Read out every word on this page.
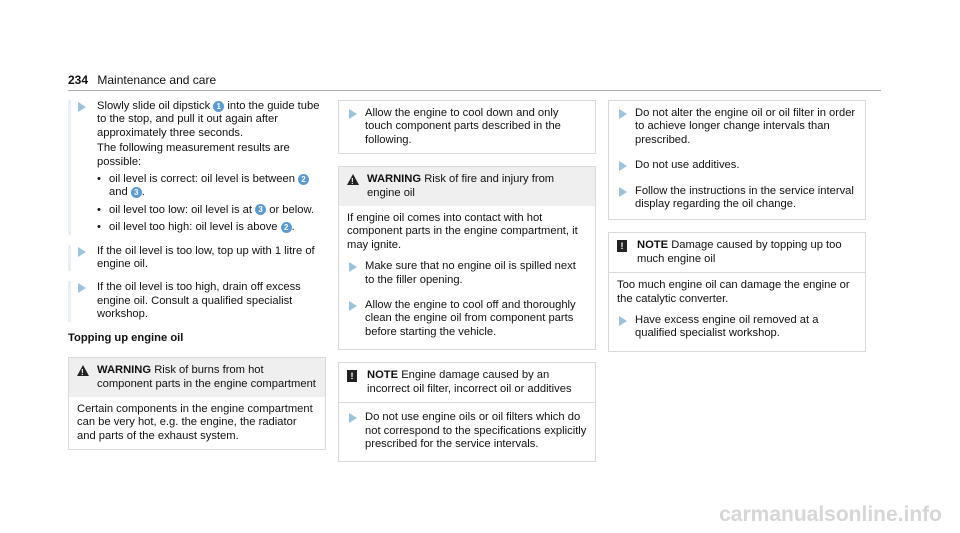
234 Maintenance and care

Slowly slide oil dipstick 1 into the guide tube to the stop, and pull it out again after approximately three seconds.

The following measurement results are possible:

• oil level is correct: oil level is between 2 and 3 .
• oil level too low: oil level is at 3 or below.
• oil level too high: oil level is above 2 .

If the oil level is too low, top up with 1 litre of engine oil.

If the oil level is too high, drain off excess engine oil. Consult a qualified specialist workshop.

Topping up engine oil
!
WARNING Risk of burns from hot component parts in the engine compartment
Certain components in the engine compartment can be very hot, e.g. the engine, the radiator and parts of the exhaust system.
Allow the engine to cool down and only touch component parts described in the following.
!
WARNING Risk of fire and injury from engine oil
If engine oil comes into contact with hot component parts in the engine compartment, it may ignite.
Make sure that no engine oil is spilled next to the filler opening.
Allow the engine to cool off and thoroughly clean the engine oil from component parts before starting the vehicle.
!	NOTE Engine damage caused by an incorrect oil filter, incorrect oil or additives
Do not use engine oils or oil filters which do not correspond to the specifications explicitly prescribed for the service intervals.
Do not alter the engine oil or oil filter in order to achieve longer change intervals than prescribed.
Do not use additives.
Follow the instructions in the service interval display regarding the oil change.
!	NOTE Damage caused by topping up too much engine oil
Too much engine oil can damage the engine or the catalytic converter.
Have excess engine oil removed at a qualified specialist workshop.
carmanualsonline.info
